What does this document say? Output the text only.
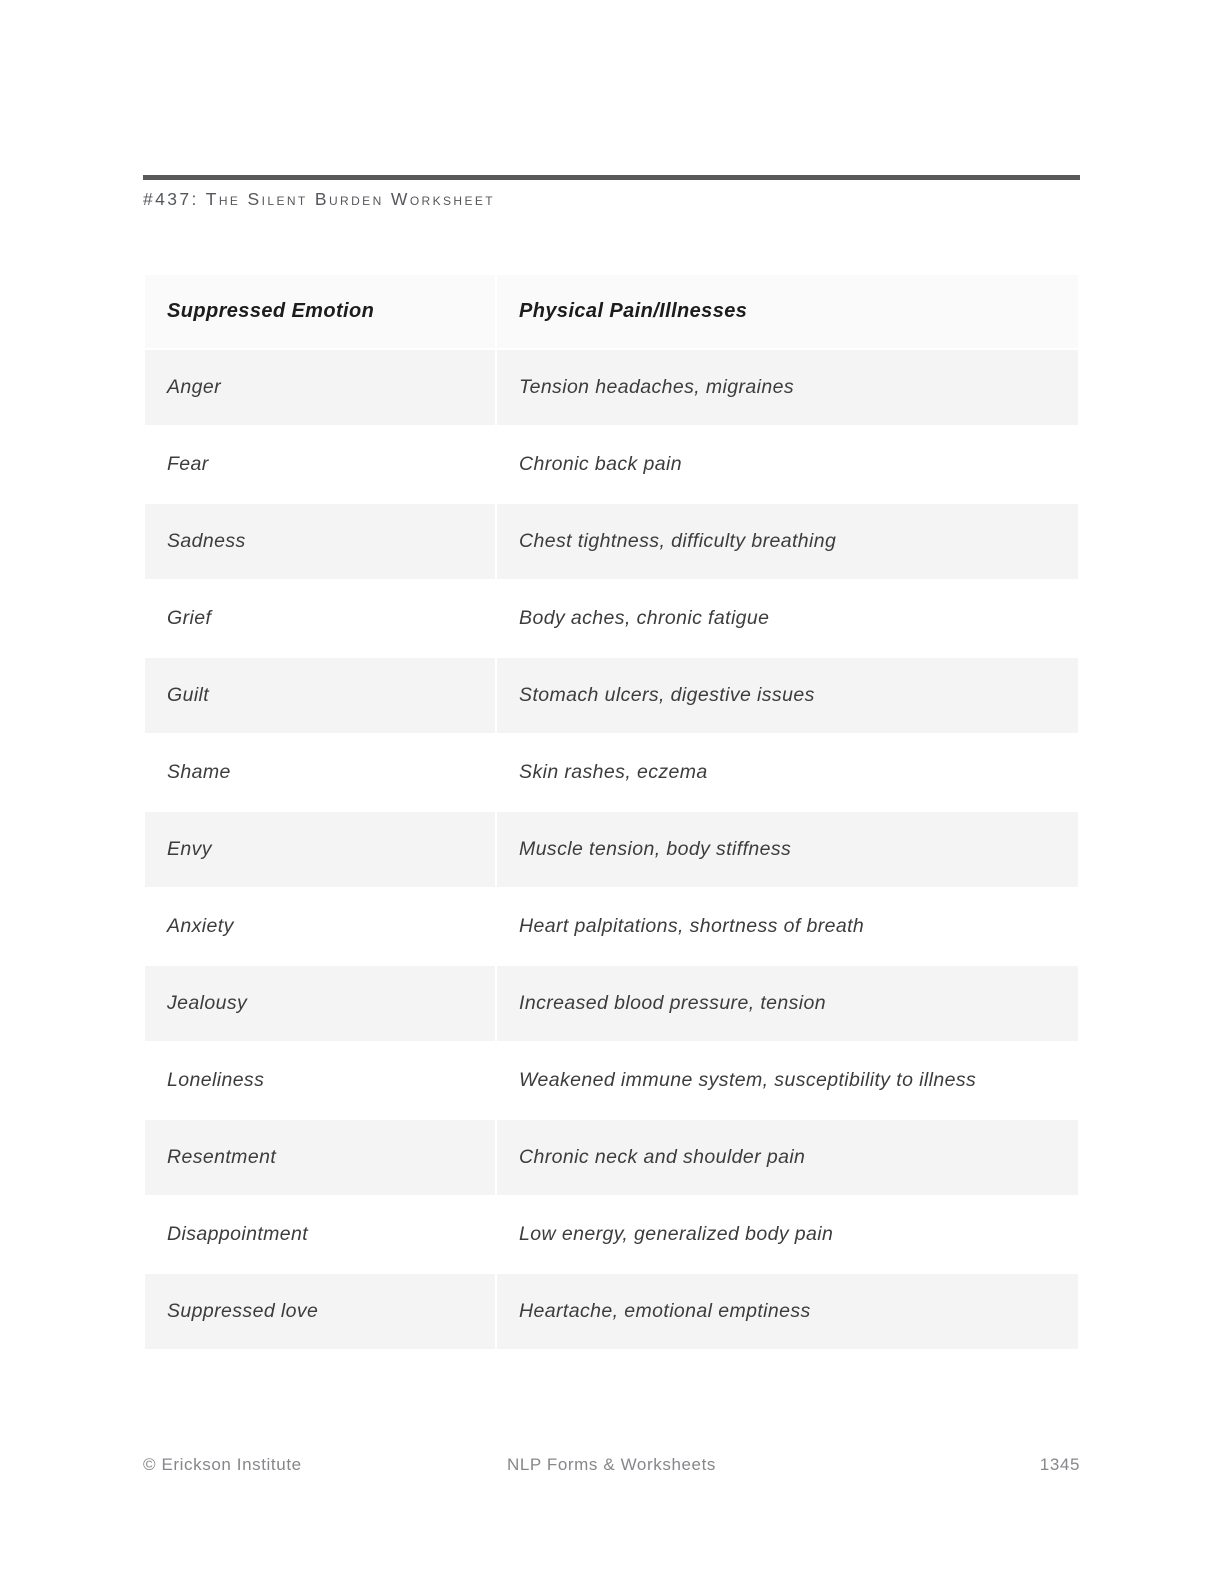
#437: The Silent Burden Worksheet
Suppressed Emotion	Physical Pain/Illnesses
Anger	Tension headaches, migraines
Fear	Chronic back pain
Sadness	Chest tightness, difficulty breathing
Grief	Body aches, chronic fatigue
Guilt	Stomach ulcers, digestive issues
Shame	Skin rashes, eczema
Envy	Muscle tension, body stiffness
Anxiety	Heart palpitations, shortness of breath
Jealousy	Increased blood pressure, tension
Loneliness	Weakened immune system, susceptibility to illness
Resentment	Chronic neck and shoulder pain
Disappointment	Low energy, generalized body pain
Suppressed love	Heartache, emotional emptiness
© Erickson Institute	NLP Forms & Worksheets	1345
